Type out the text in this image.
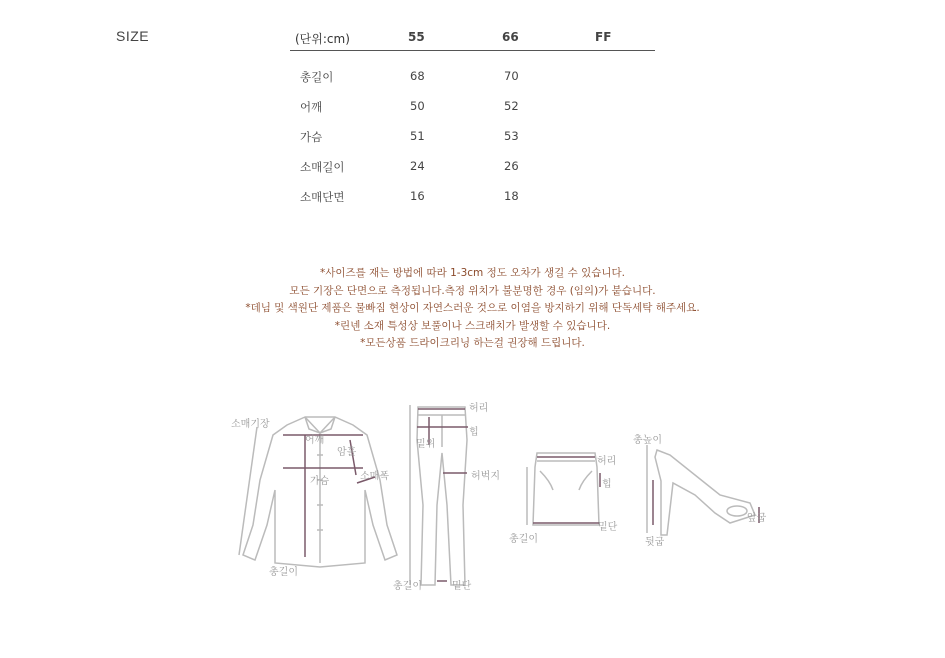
SIZE	(단위:cm)	55	66	FF
총길이	68	70
어깨	50	52
가슴	51	53
소매길이	24	26
소매단면	16	18
*사이즈를 재는 방법에 따라 1-3cm 정도 오차가 생길 수 있습니다.
모든 기장은 단면으로 측정됩니다.측정 위치가 불분명한 경우 (임의)가 붙습니다.
*데님 및 색원단 제품은 물빠짐 현상이 자연스러운 것으로 이염을 방지하기 위해 단독세탁 해주세요.
*린넨 소재 특성상 보풀이나 스크래치가 발생할 수 있습니다.
*모든상품 드라이크리닝 하는걸 권장해 드립니다.
소매기장
어깨
암홀
가슴	소매폭
총길이
허리
힙
밑위
허벅지
총길이	밑단
허리
힙
총길이
밑단
총높이
뒷굽
앞굽
